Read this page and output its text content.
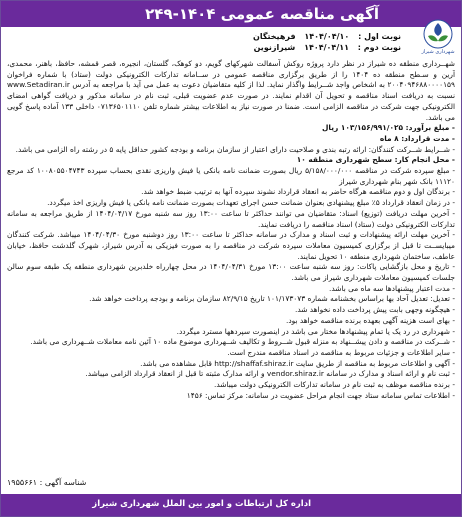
آگهی مناقصه عمومی ۱۴۰۴-۲۴۹
شهرداری شیراز
نوبت اول : ۱۴۰۴/۰۴/۱۰ فرهیختگان
نوبت دوم : ۱۴۰۴/۰۴/۱۱ شیرازنوین

شهــرداری منطقه ده شیراز در نظر دارد پروژه روکش آسفالت شهرکهای گویم، دو کوهک، گلستان، انجیره، قصر قمشه، حافظ، باهنر، محمدی، آرین و سـطح منطقه ده ۱۴۰۴ را از طریق برگزاری مناقصه عمومی در ســامانه تدارکات الکترونیکی دولت (ستاد) با شماره فراخوان ۲۰۰۴۰۹۴۶۸۸۰۰۰۰۱۵۹ به اشخاص واجد شــرایط واگذار نماید. لذا از کلیه متقاضیان دعوت به عمل می آید با مراجعه به آدرس www.Setadiran.ir نسبت به دریافت اسناد مناقصه و تحویل آن اقدام نمایند. در صورت عدم عضویت قبلی، ثبت نام در سامانه مذکور و دریافت گواهی امضای الکترونیکی جهت شرکت در مناقصه الزامی است. ضمنا در صورت نیاز به اطلاعات بیشتر شماره تلفن ۰۷۱۳۶۵۰۱۱۱۰ داخلی ۱۳۳ آماده پاسخ گویی می باشد.

- مبلغ برآورد: ۱۰۳/۱۵۶/۹۹۱/۰۲۵ ریال

- مدت قرارداد: ۸ ماه

- شــرایط شــرکت کنندگان: ارائه رتبه بندی و صلاحیت دارای اعتبار از سازمان برنامه و بودجه کشور حداقل پایه ۵ در رشته راه الزامی می باشد.

- محل انجام کار: سطح شهرداری منطقه ۱۰

- مبلغ سپرده شرکت در مناقصه ۵/۱۵۸/۰۰۰/۰۰۰ ریال بصورت ضمانت نامه بانکی یا فیش واریزی نقدی بحساب سپرده ۱۰۰۸۰۵۵۰۴۷۴۳ کد مرجع ۱۱۱۲۰ بانک شهر بنام شهرداری شیراز

- برندگان اول و دوم مناقصه هرگاه حاضر به انعقاد قرارداد نشوند سپرده آنها به ترتیب ضبط خواهد شد.

- در زمان انعقاد قرارداد ۵٪ مبلغ پیشنهادی بعنوان ضمانت حسن اجرای تعهدات بصورت ضمانت نامه بانکی یا فیش واریزی اخذ میگردد.

- آخرین مهلت دریافت (توزیع) اسناد: متقاضیان می توانند حداکثر تا ساعت ۱۳:۰۰ روز سه شنبه مورخ ۱۴۰۴/۰۴/۱۷ از طریق مراجعه به سامانه تدارکات الکترونیکی دولت (ستاد) اسناد مناقصه را دریافت نمایند.

- آخرین مهلت ارائه پیشنهادات و ثبت اسناد و مدارک در سامانه حداکثر تا ساعت ۱۳:۰۰ روز دوشنبه مورخ ۱۴۰۴/۰۴/۳۰ میباشد. شرکت کنندگان میبایســت تا قبل از برگزاری کمیسیون معاملات سپرده شرکت در مناقصه را به صورت فیزیکی به آدرس شیراز، شهرک گلدشت حافظ، خیابان عاطف، ساختمان شهرداری منطقه ۱۰ تحویل نمایند.

- تاریخ و محل بازگشایی پاکات: روز سه شنبه ساعت ۱۳:۰۰ مورخ ۱۴۰۴/۰۴/۳۱ در محل چهارراه خلدبرین شهرداری منطقه یک طبقه سوم سالن جلسات کمیسیون معاملات شهرداری شیراز می باشد.

- مدت اعتبار پیشنهادها سه ماه می باشد.

- تعدیل: تعدیل آحاد بها براساس بخشنامه شماره ۱۰۱/۱۷۳۰۷۳ تاریخ ۸۲/۹/۱۵ سازمان برنامه و بودجه پرداخت خواهد شد.

- هیچگونه وجهی بابت پیش پرداخت داده نخواهد شد.

- بهای است هزینه آگهی بعهده برنده مناقصه خواهد بود.

- شهرداری در رد یک یا تمام پیشنهادها مختار می باشد در اینصورت سپردهها مسترد میگردد.

- شــرکت در مناقصه و دادن پیشــنهاد به منزله قبول شــروط و تکالیف شــهرداری موضوع ماده ۱۰ آئین نامه معاملات شــهرداری می باشد.

- سایر اطلاعات و جزئیات مربوط به مناقصه در اسناد مناقصه مندرج است.

- آگهی و اطلاعات مربوط به مناقصه از طریق سایت http://shaffaf.shiraz.ir قابل مشاهده می باشد.

- ثبت نام و ارائه اسناد و مدارک در سامانه vendor.shiraz.ir و ارائه مدارک مثبته تا قبل از انعقاد قرارداد الزامی میباشد.

- برنده مناقصه موظف به ثبت نام در سامانه تدارکات الکترونیکی دولت میباشد.

- اطلاعات تماس سامانه ستاد جهت انجام مراحل عضویت در سامانه: مرکز تماس: ۱۴۵۶

شناسه آگهی : ۱۹۵۵۶۶۱
اداره کل ارتباطات و امور بین الملل شهرداری شیراز
